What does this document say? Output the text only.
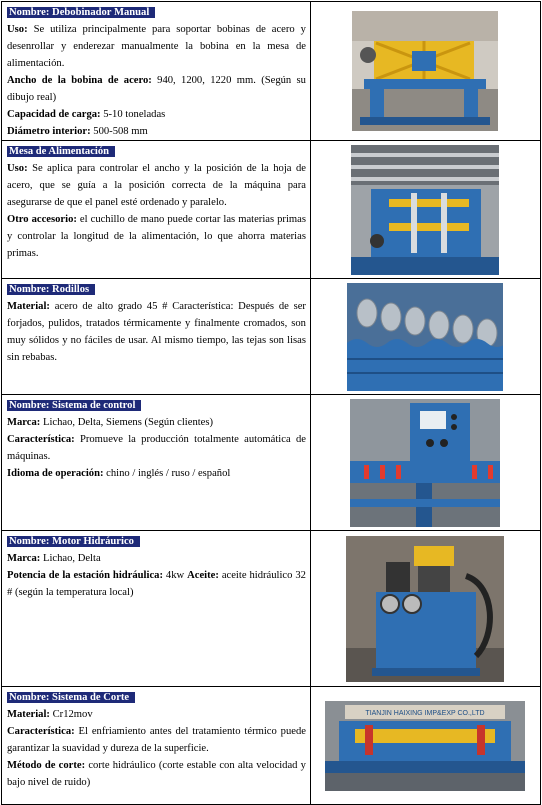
Nombre: Debobinador Manual

Uso: Se utiliza principalmente para soportar bobinas de acero y desenrollar y enderezar manualmente la bobina en la mesa de alimentación.

Ancho de la bobina de acero: 940, 1200, 1220 mm. (Según su dibujo real)

Capacidad de carga: 5-10 toneladas

Diámetro interior: 500-508 mm

Mesa de Alimentación

Uso: Se aplica para controlar el ancho y la posición de la hoja de acero, que se guía a la posición correcta de la máquina para asegurarse de que el panel esté ordenado y paralelo.

Otro accesorio: el cuchillo de mano puede cortar las materias primas y controlar la longitud de la alimentación, lo que ahorra materias primas.

Nombre: Rodillos

Material: acero de alto grado 45 # Característica: Después de ser forjados, pulidos, tratados térmicamente y finalmente cromados, son muy sólidos y no fáciles de usar. Al mismo tiempo, las tejas son lisas sin rebabas.

Nombre: Sistema de control

Marca: Lichao, Delta, Siemens (Según clientes)

Característica: Promueve la producción totalmente automática de máquinas.

Idioma de operación: chino / inglés / ruso / español

Nombre: Motor Hidráurico

Marca: Lichao, Delta

Potencia de la estación hidráulica: 4kw Aceite: aceite hidráulico 32 # (según la temperatura local)

Nombre: Sistema de Corte

Material: Cr12mov

Característica: El enfriamiento antes del tratamiento térmico puede garantizar la suavidad y dureza de la superficie.

Método de corte: corte hidráulico (corte estable con alta velocidad y bajo nivel de ruido)	TIANJIN HAIXING IMP&EXP CO.,LTD
